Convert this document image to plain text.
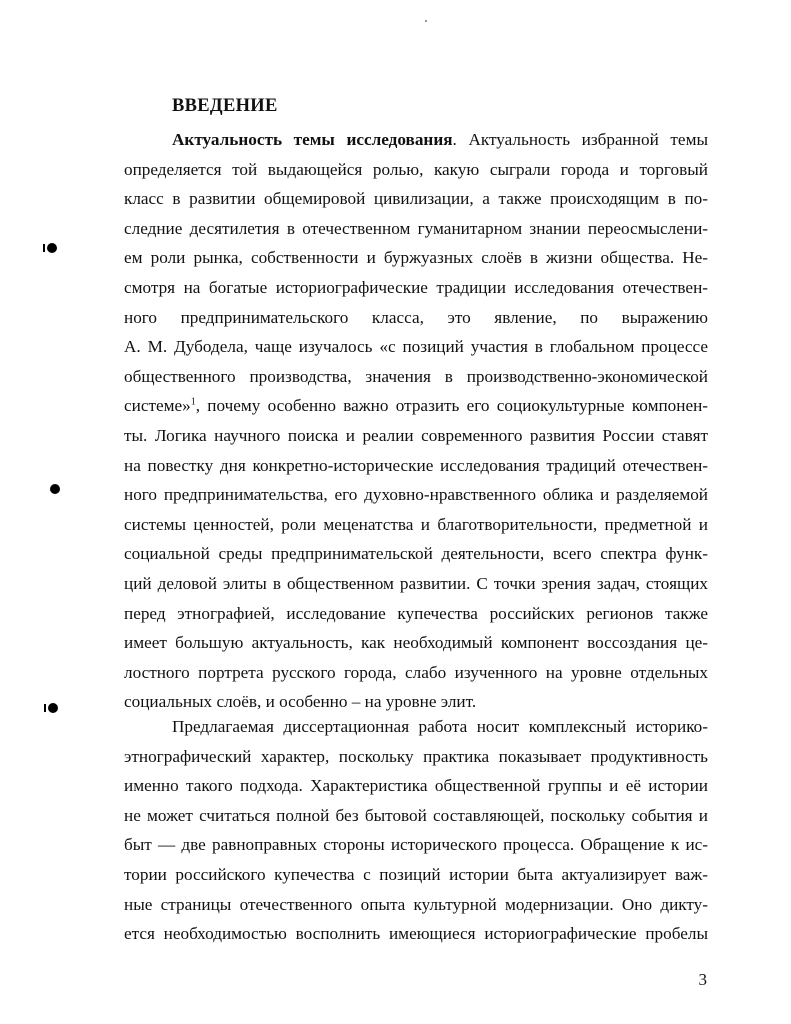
ВВЕДЕНИЕ
Актуальность темы исследования. Актуальность избранной темы
определяется той выдающейся ролью, какую сыграли города и торговый
класс в развитии общемировой цивилизации, а также происходящим в по-
следние десятилетия в отечественном гуманитарном знании переосмыслени-
ем роли рынка, собственности и буржуазных слоёв в жизни общества. Не-
смотря на богатые историографические традиции исследования отечествен-
ного предпринимательского класса, это явление, по выражению
А. М. Дубодела, чаще изучалось «с позиций участия в глобальном процессе
общественного производства, значения в производственно-экономической
системе»$^1$, почему особенно важно отразить его социокультурные компонен-
ты. Логика научного поиска и реалии современного развития России ставят
на повестку дня конкретно-исторические исследования традиций отечествен-
ного предпринимательства, его духовно-нравственного облика и разделяемой
системы ценностей, роли меценатства и благотворительности, предметной и
социальной среды предпринимательской деятельности, всего спектра функ-
ций деловой элиты в общественном развитии. С точки зрения задач, стоящих
перед этнографией, исследование купечества российских регионов также
имеет большую актуальность, как необходимый компонент воссоздания це-
лостного портрета русского города, слабо изученного на уровне отдельных
социальных слоёв, и особенно – на уровне элит.
Предлагаемая диссертационная работа носит комплексный историко-
этнографический характер, поскольку практика показывает продуктивность
именно такого подхода. Характеристика общественной группы и её истории
не может считаться полной без бытовой составляющей, поскольку события и
быт — две равноправных стороны исторического процесса. Обращение к ис-
тории российского купечества с позиций истории быта актуализирует важ-
ные страницы отечественного опыта культурной модернизации. Оно дикту-
ется необходимостью восполнить имеющиеся историографические пробелы
3
